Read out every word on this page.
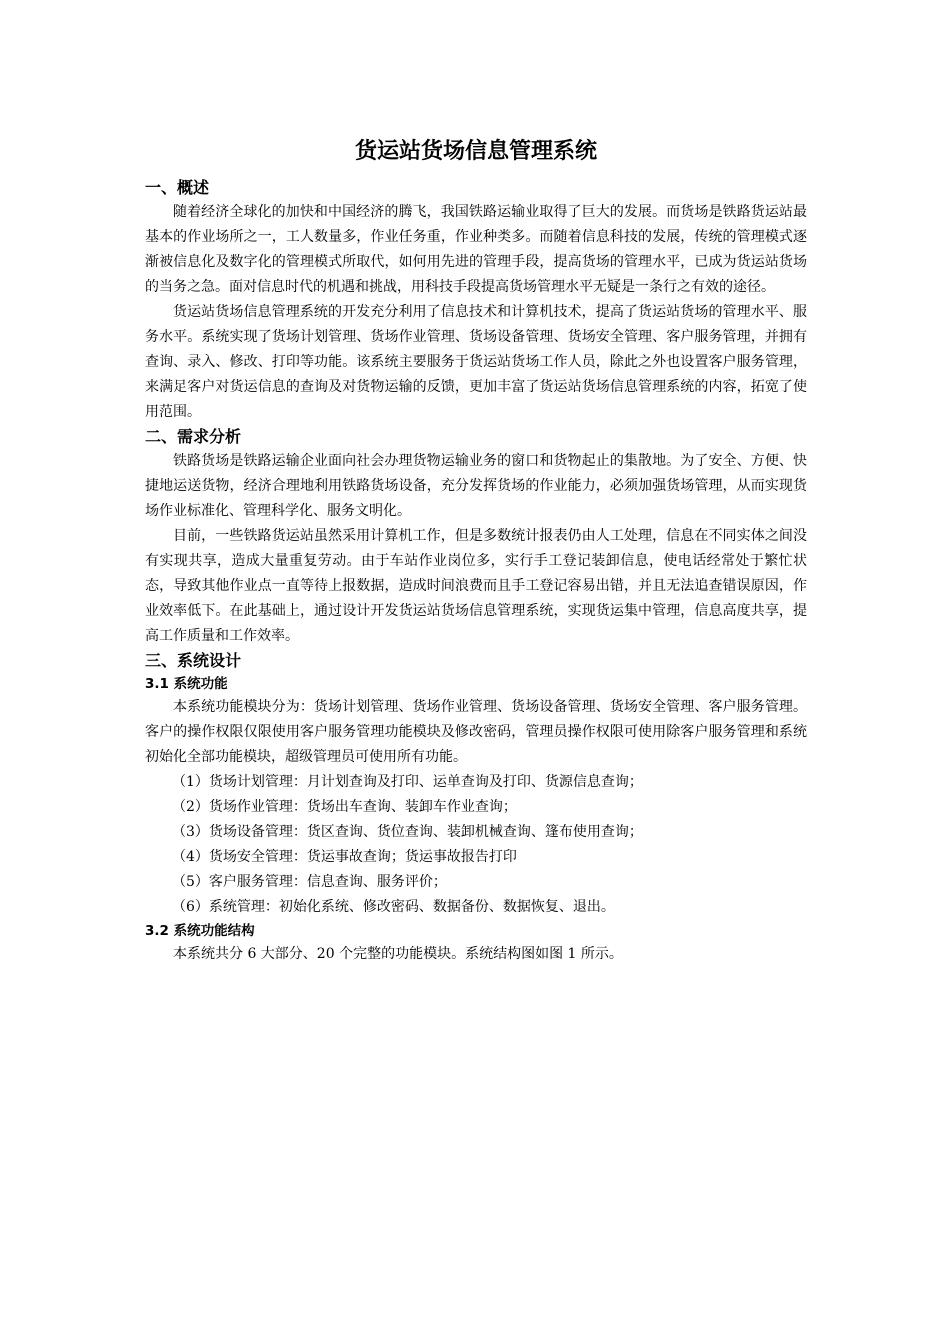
货运站货场信息管理系统
一、概述

随着经济全球化的加快和中国经济的腾飞，我国铁路运输业取得了巨大的发展。而货场是铁路货运站最基本的作业场所之一，工人数量多，作业任务重，作业种类多。而随着信息科技的发展，传统的管理模式逐渐被信息化及数字化的管理模式所取代，如何用先进的管理手段，提高货场的管理水平，已成为货运站货场的当务之急。面对信息时代的机遇和挑战，用科技手段提高货场管理水平无疑是一条行之有效的途径。

货运站货场信息管理系统的开发充分利用了信息技术和计算机技术，提高了货运站货场的管理水平、服务水平。系统实现了货场计划管理、货场作业管理、货场设备管理、货场安全管理、客户服务管理，并拥有查询、录入、修改、打印等功能。该系统主要服务于货运站货场工作人员，除此之外也设置客户服务管理，来满足客户对货运信息的查询及对货物运输的反馈，更加丰富了货运站货场信息管理系统的内容，拓宽了使用范围。

二、需求分析

铁路货场是铁路运输企业面向社会办理货物运输业务的窗口和货物起止的集散地。为了安全、方便、快捷地运送货物，经济合理地利用铁路货场设备，充分发挥货场的作业能力，必须加强货场管理，从而实现货场作业标准化、管理科学化、服务文明化。

目前，一些铁路货运站虽然采用计算机工作，但是多数统计报表仍由人工处理，信息在不同实体之间没有实现共享，造成大量重复劳动。由于车站作业岗位多，实行手工登记装卸信息，使电话经常处于繁忙状态，导致其他作业点一直等待上报数据，造成时间浪费而且手工登记容易出错，并且无法追查错误原因，作业效率低下。在此基础上，通过设计开发货运站货场信息管理系统，实现货运集中管理，信息高度共享，提高工作质量和工作效率。

三、系统设计
3.1 系统功能

本系统功能模块分为：货场计划管理、货场作业管理、货场设备管理、货场安全管理、客户服务管理。客户的操作权限仅限使用客户服务管理功能模块及修改密码，管理员操作权限可使用除客户服务管理和系统初始化全部功能模块，超级管理员可使用所有功能。

（1）货场计划管理：月计划查询及打印、运单查询及打印、货源信息查询；

（2）货场作业管理：货场出车查询、装卸车作业查询；

（3）货场设备管理：货区查询、货位查询、装卸机械查询、篷布使用查询；

（4）货场安全管理：货运事故查询；货运事故报告打印

（5）客户服务管理：信息查询、服务评价；

（6）系统管理：初始化系统、修改密码、数据备份、数据恢复、退出。

3.2 系统功能结构

本系统共分 6 大部分、20 个完整的功能模块。系统结构图如图 1 所示。
